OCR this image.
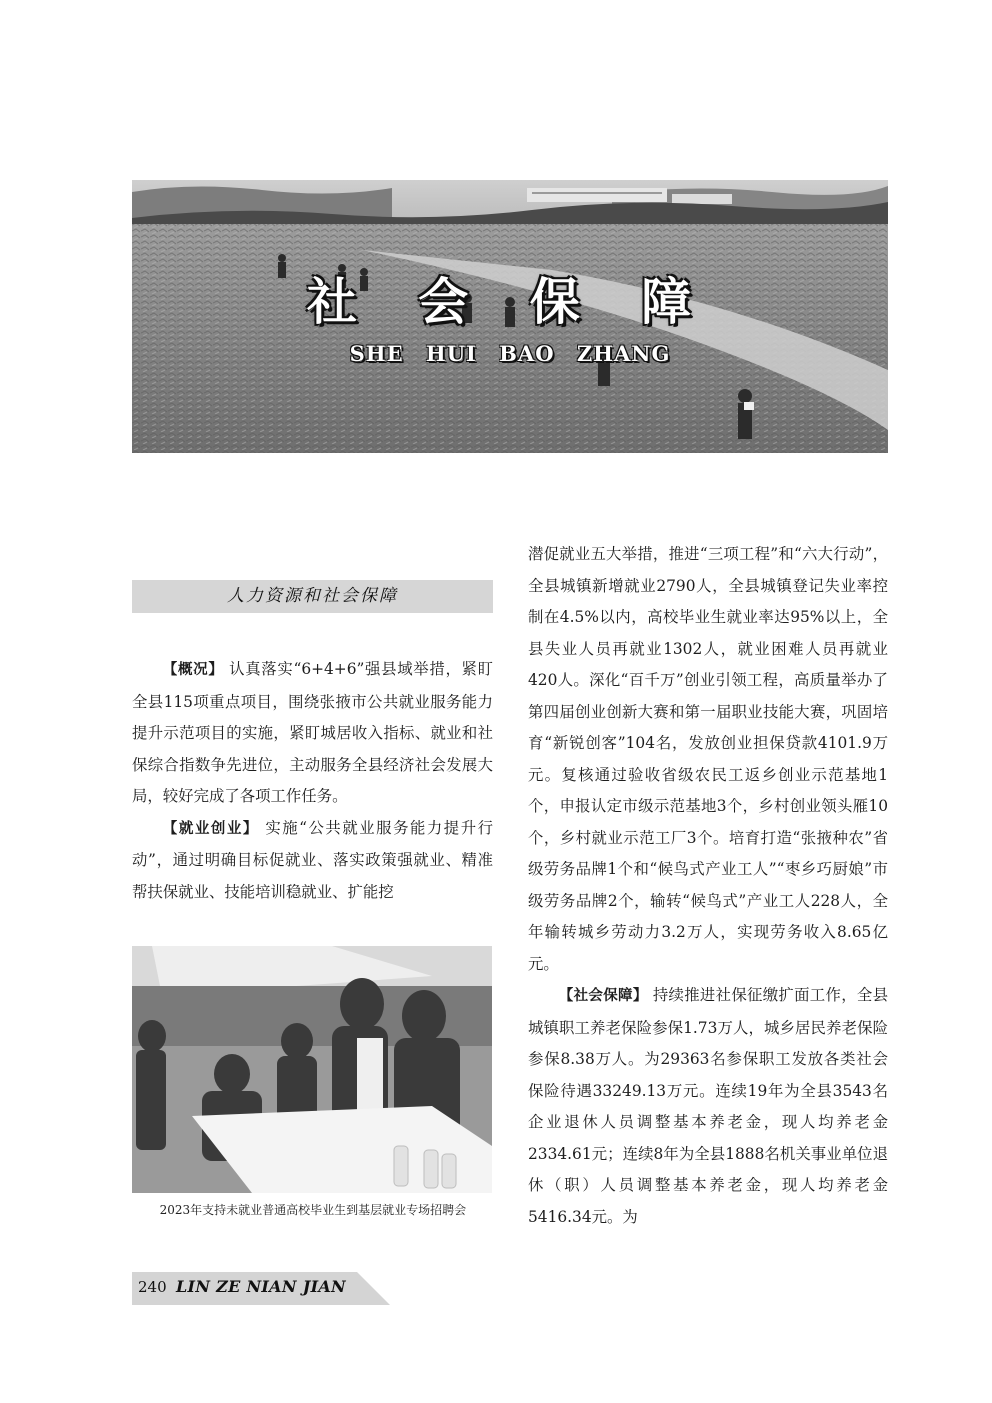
社 会 保 障
SHE HUI BAO ZHANG
人力资源和社会保障

【概况】 认真落实“6+4+6”强县域举措，紧盯全县115项重点项目，围绕张掖市公共就业服务能力提升示范项目的实施，紧盯城居收入指标、就业和社保综合指数争先进位，主动服务全县经济社会发展大局，较好完成了各项工作任务。

【就业创业】 实施“公共就业服务能力提升行动”，通过明确目标促就业、落实政策强就业、精准帮扶保就业、技能培训稳就业、扩能挖

2023年支持未就业普通高校毕业生到基层就业专场招聘会

潜促就业五大举措，推进“三项工程”和“六大行动”，全县城镇新增就业2790人，全县城镇登记失业率控制在4.5%以内，高校毕业生就业率达95%以上，全县失业人员再就业1302人，就业困难人员再就业420人。深化“百千万”创业引领工程，高质量举办了第四届创业创新大赛和第一届职业技能大赛，巩固培育“新锐创客”104名，发放创业担保贷款4101.9万元。复核通过验收省级农民工返乡创业示范基地1个，申报认定市级示范基地3个，乡村创业领头雁10个，乡村就业示范工厂3个。培育打造“张掖种农”省级劳务品牌1个和“候鸟式产业工人”“枣乡巧厨娘”市级劳务品牌2个，输转“候鸟式”产业工人228人，全年输转城乡劳动力3.2万人，实现劳务收入8.65亿元。

【社会保障】 持续推进社保征缴扩面工作，全县城镇职工养老保险参保1.73万人，城乡居民养老保险参保8.38万人。为29363名参保职工发放各类社会保险待遇33249.13万元。连续19年为全县3543名企业退休人员调整基本养老金，现人均养老金2334.61元；连续8年为全县1888名机关事业单位退休（职）人员调整基本养老金，现人均养老金5416.34元。为

240 LIN ZE NIAN JIAN
